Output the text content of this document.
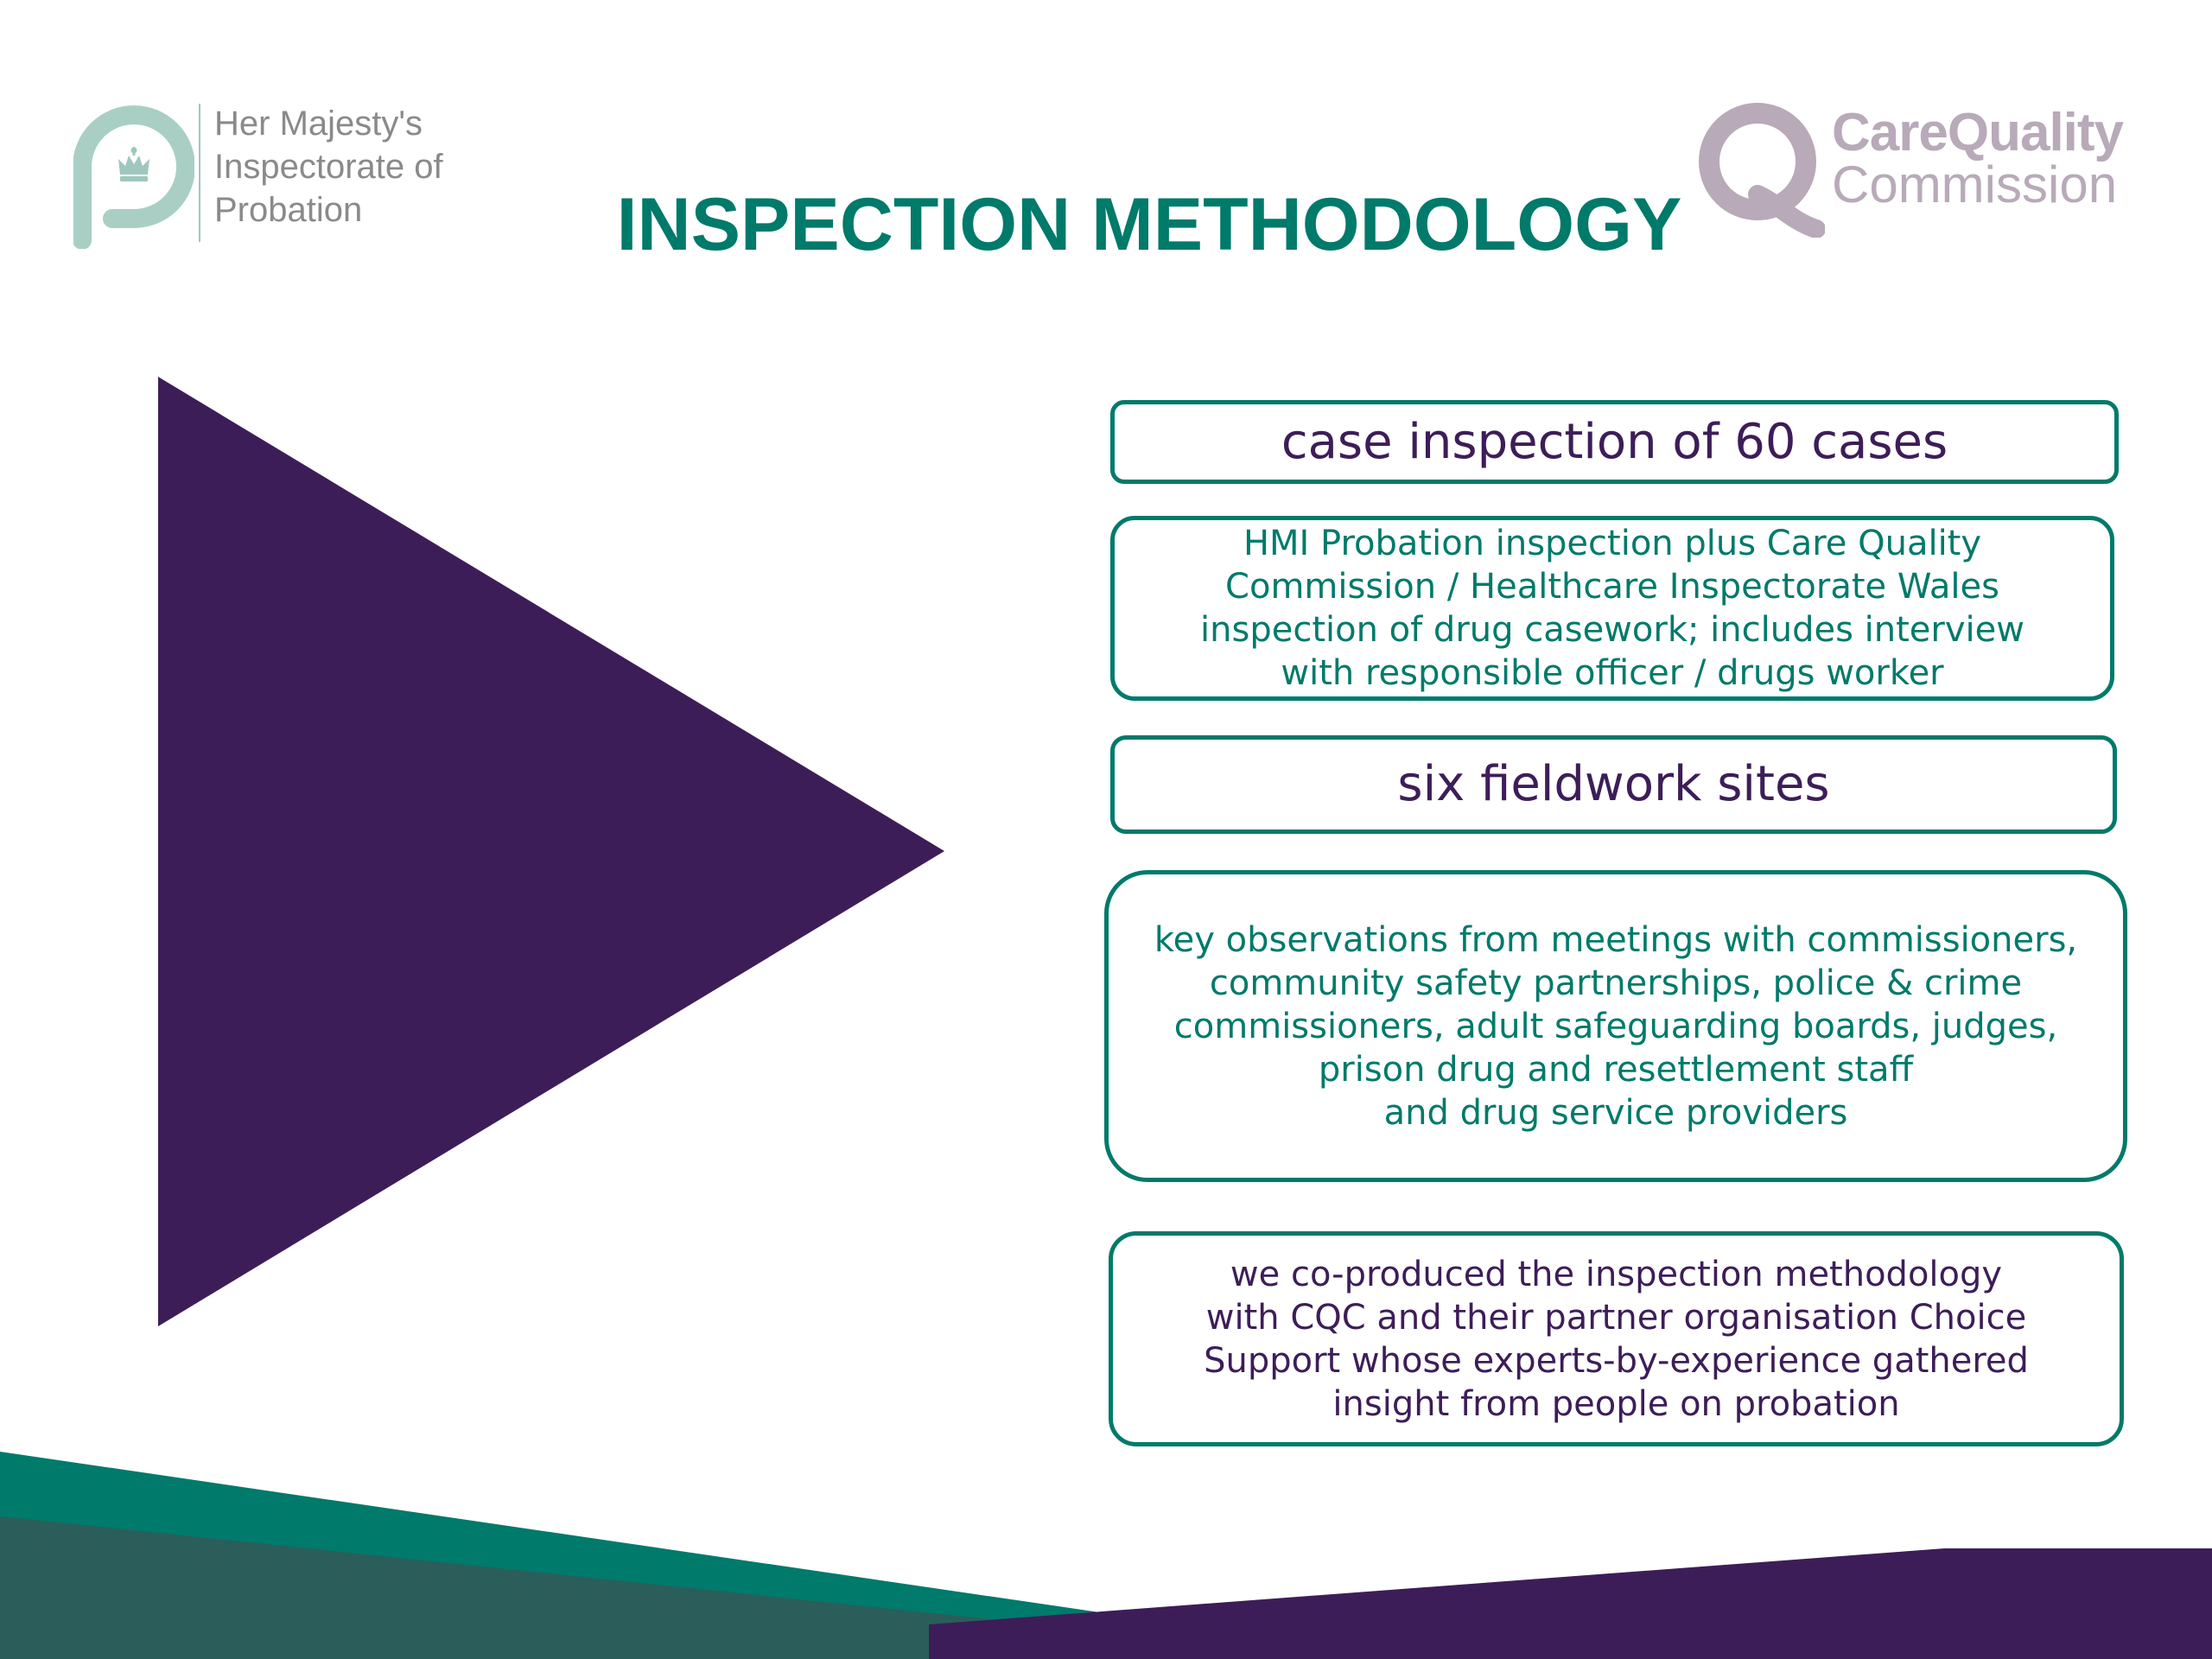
Her Majesty's
Inspectorate of
Probation
CareQuality
Commission
INSPECTION METHODOLOGY
case inspection of 60 cases
HMI Probation inspection plus Care Quality
Commission / Healthcare Inspectorate Wales
inspection of drug casework; includes interview
with responsible officer / drugs worker
six fieldwork sites
key observations from meetings with commissioners,
community safety partnerships, police & crime
commissioners, adult safeguarding boards, judges,
prison drug and resettlement staff
and drug service providers
we co-produced the inspection methodology
with CQC and their partner organisation Choice
Support whose experts-by-experience gathered
insight from people on probation
